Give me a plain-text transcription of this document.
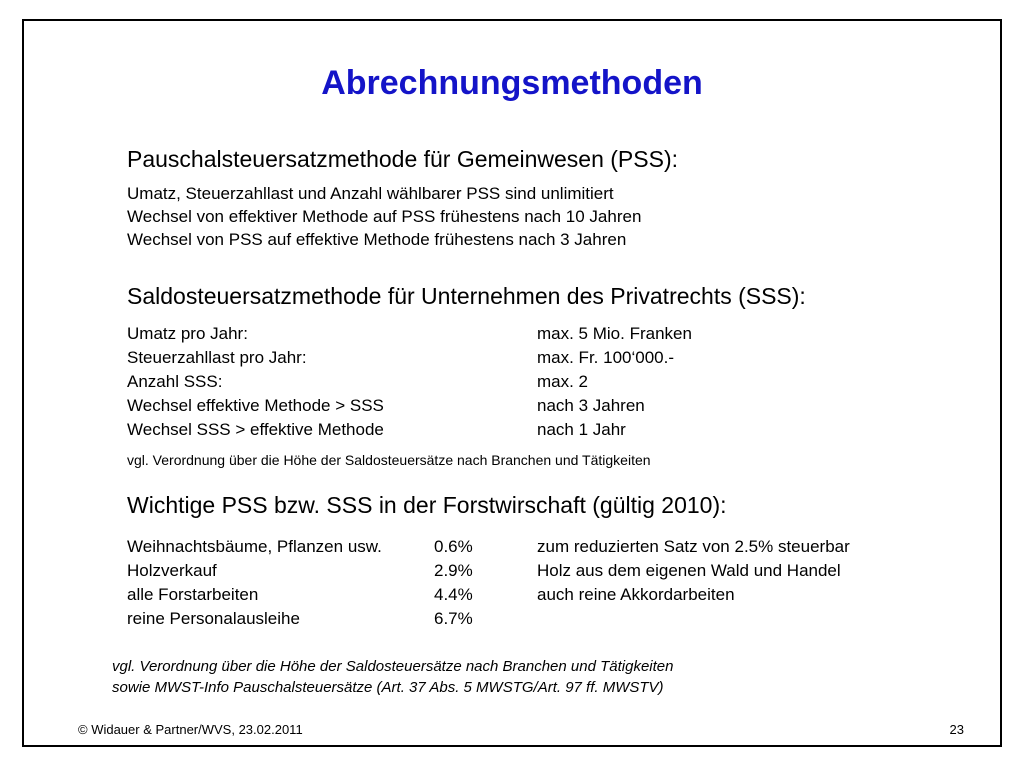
Abrechnungsmethoden
Pauschalsteuersatzmethode für Gemeinwesen (PSS):
Umatz, Steuerzahllast und Anzahl wählbarer PSS sind unlimitiert
Wechsel von effektiver Methode auf PSS frühestens nach 10 Jahren
Wechsel von PSS auf effektive Methode frühestens nach 3 Jahren
Saldosteuersatzmethode für Unternehmen des Privatrechts (SSS):
Umatz pro Jahr:	max. 5 Mio. Franken
Steuerzahllast pro Jahr:	max. Fr. 100‘000.-
Anzahl SSS:	max. 2
Wechsel effektive Methode > SSS	nach 3 Jahren
Wechsel SSS > effektive Methode	nach 1 Jahr
vgl. Verordnung über die Höhe der Saldosteuersätze nach Branchen und Tätigkeiten
Wichtige PSS bzw. SSS in der Forstwirschaft (gültig 2010):
Weihnachtsbäume, Pflanzen usw.	0.6%	zum reduzierten Satz von 2.5% steuerbar
Holzverkauf	2.9%	Holz aus dem eigenen Wald und Handel
alle Forstarbeiten	4.4%	auch reine Akkordarbeiten
reine Personalausleihe	6.7%
vgl. Verordnung über die Höhe der Saldosteuersätze nach Branchen und Tätigkeiten
sowie MWST-Info Pauschalsteuersätze (Art. 37 Abs. 5 MWSTG/Art. 97 ff. MWSTV)
© Widauer & Partner/WVS, 23.02.2011	23
